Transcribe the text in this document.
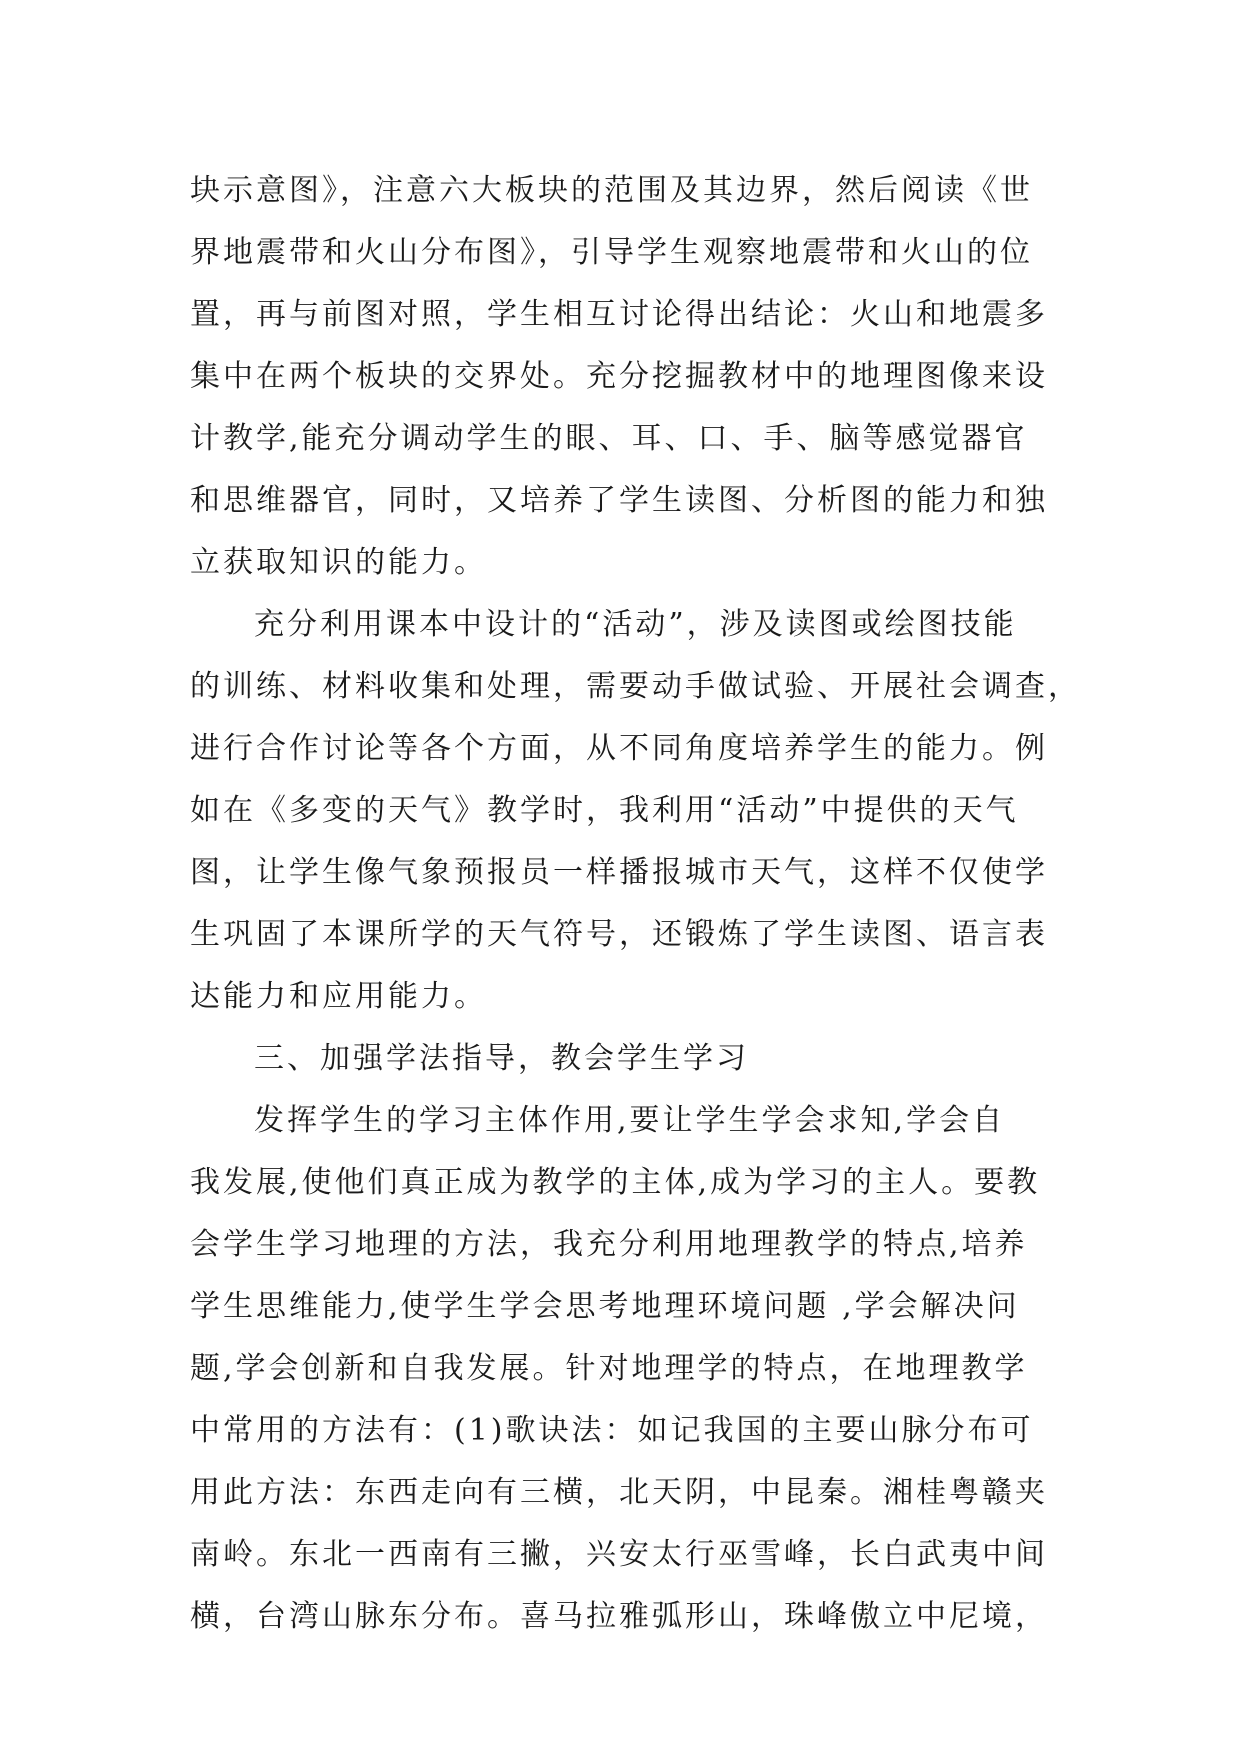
块示意图》，注意六大板块的范围及其边界，然后阅读《世
界地震带和火山分布图》，引导学生观察地震带和火山的位
置，再与前图对照，学生相互讨论得出结论：火山和地震多
集中在两个板块的交界处。充分挖掘教材中的地理图像来设
计教学,能充分调动学生的眼、耳、口、手、脑等感觉器官
和思维器官，同时，又培养了学生读图、分析图的能力和独
立获取知识的能力。
充分利用课本中设计的“活动”，涉及读图或绘图技能
的训练、材料收集和处理，需要动手做试验、开展社会调查，
进行合作讨论等各个方面，从不同角度培养学生的能力。例
如在《多变的天气》教学时，我利用“活动”中提供的天气
图，让学生像气象预报员一样播报城市天气，这样不仅使学
生巩固了本课所学的天气符号，还锻炼了学生读图、语言表
达能力和应用能力。
三、加强学法指导，教会学生学习
发挥学生的学习主体作用,要让学生学会求知,学会自
我发展,使他们真正成为教学的主体,成为学习的主人。要教
会学生学习地理的方法，我充分利用地理教学的特点,培养
学生思维能力,使学生学会思考地理环境问题 ,学会解决问
题,学会创新和自我发展。针对地理学的特点，在地理教学
中常用的方法有：(1)歌诀法：如记我国的主要山脉分布可
用此方法：东西走向有三横，北天阴，中昆秦。湘桂粤赣夹
南岭。东北一西南有三撇，兴安太行巫雪峰，长白武夷中间
横，台湾山脉东分布。喜马拉雅弧形山，珠峰傲立中尼境，
